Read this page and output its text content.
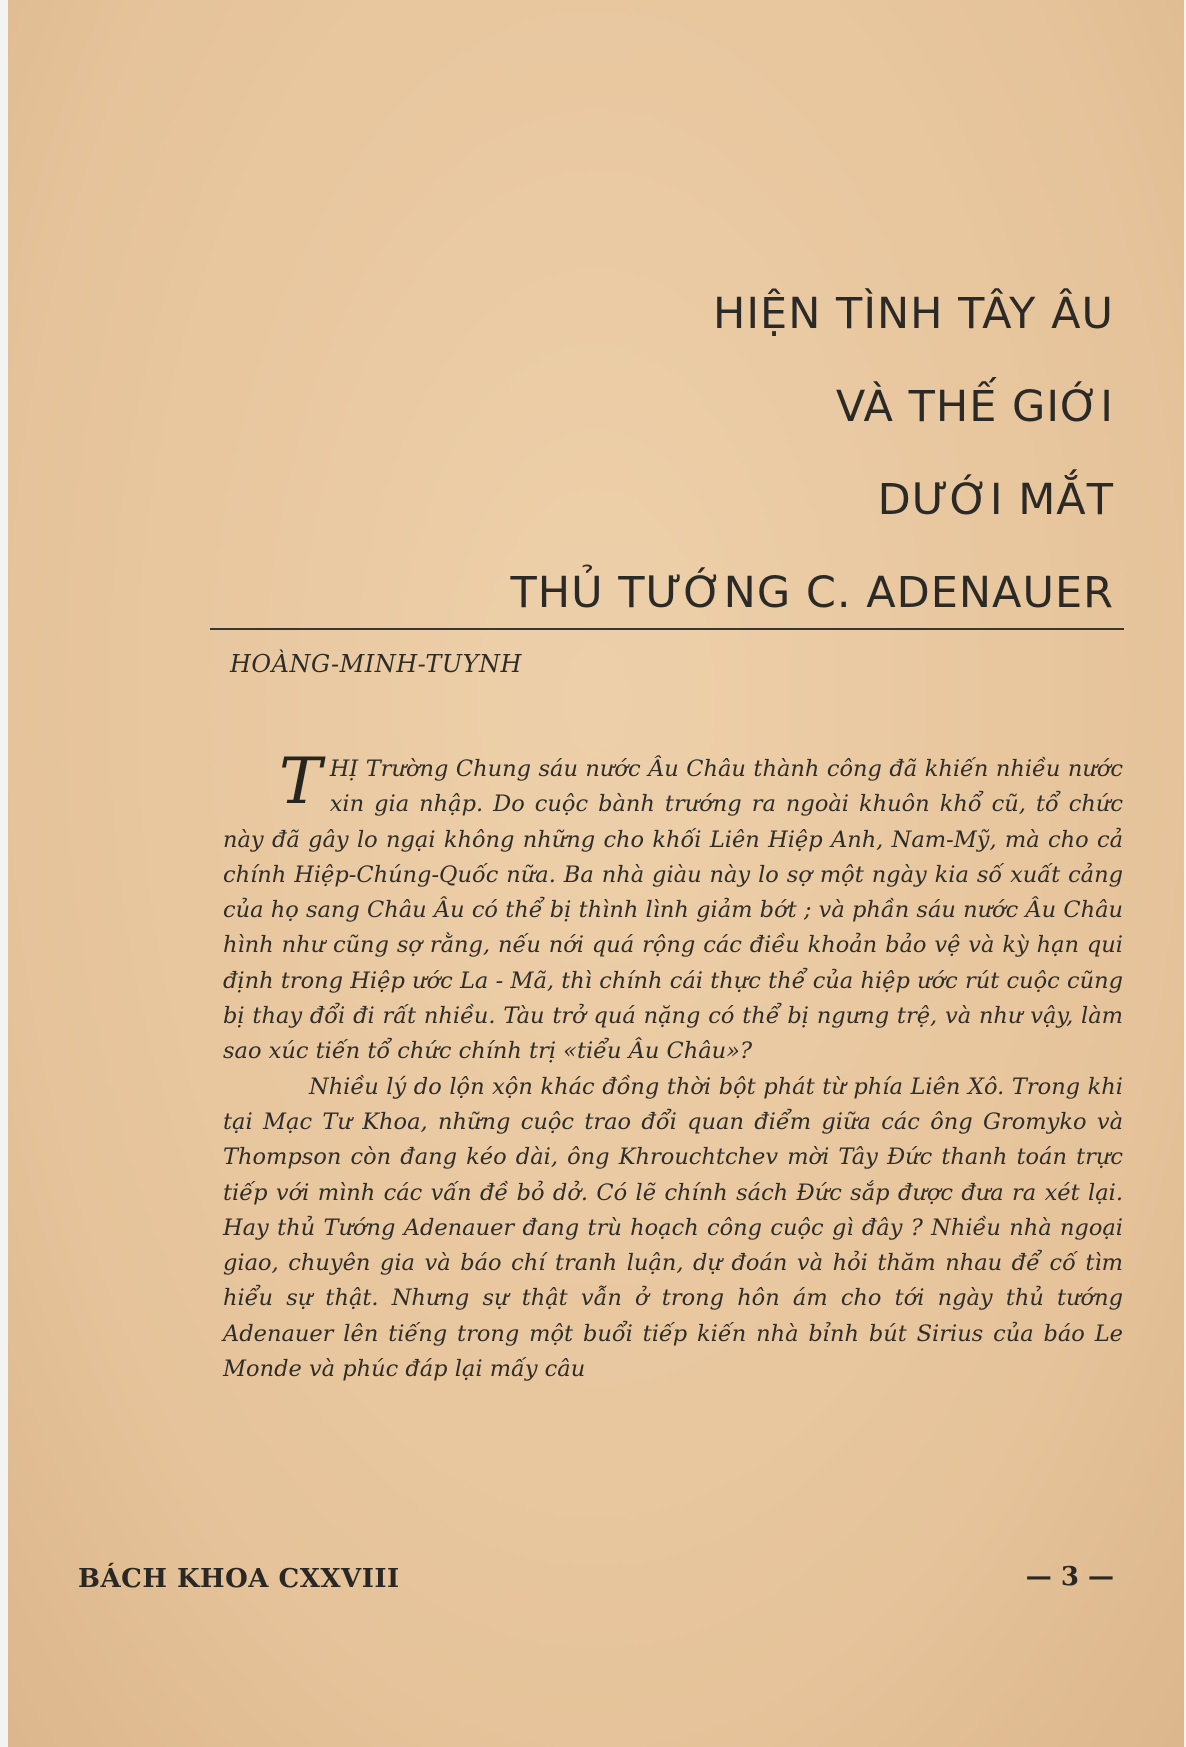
HIỆN TÌNH TÂY ÂU

VÀ THẾ GIỚI

DƯỚI MẮT

THỦ TƯỚNG C. ADENAUER

HOÀNG-MINH-TUYNH

THỊ Trường Chung sáu nước Âu Châu thành công đã khiến nhiều nước xin gia nhập. Do cuộc bành trướng ra ngoài khuôn khổ cũ, tổ chức này đã gây lo ngại không những cho khối Liên Hiệp Anh, Nam-Mỹ, mà cho cả chính Hiệp-Chúng-Quốc nữa. Ba nhà giàu này lo sợ một ngày kia số xuất cảng của họ sang Châu Âu có thể bị thình lình giảm bớt ; và phần sáu nước Âu Châu hình như cũng sợ rằng, nếu nới quá rộng các điều khoản bảo vệ và kỳ hạn qui định trong Hiệp ước La - Mã, thì chính cái thực thể của hiệp ước rút cuộc cũng bị thay đổi đi rất nhiều. Tàu trở quá nặng có thể bị ngưng trệ, và như vậy, làm sao xúc tiến tổ chức chính trị «tiểu Âu Châu»?

Nhiều lý do lộn xộn khác đồng thời bột phát từ phía Liên Xô. Trong khi tại Mạc Tư Khoa, những cuộc trao đổi quan điểm giữa các ông Gromyko và Thompson còn đang kéo dài, ông Khrouchtchev mời Tây Đức thanh toán trực tiếp với mình các vấn đề bỏ dở. Có lẽ chính sách Đức sắp được đưa ra xét lại. Hay thủ Tướng Adenauer đang trù hoạch công cuộc gì đây ? Nhiều nhà ngoại giao, chuyên gia và báo chí tranh luận, dự đoán và hỏi thăm nhau để cố tìm hiểu sự thật. Nhưng sự thật vẫn ở trong hôn ám cho tới ngày thủ tướng Adenauer lên tiếng trong một buổi tiếp kiến nhà bỉnh bút Sirius của báo Le Monde và phúc đáp lại mấy câu

BÁCH KHOA CXXVIII	— 3 —
